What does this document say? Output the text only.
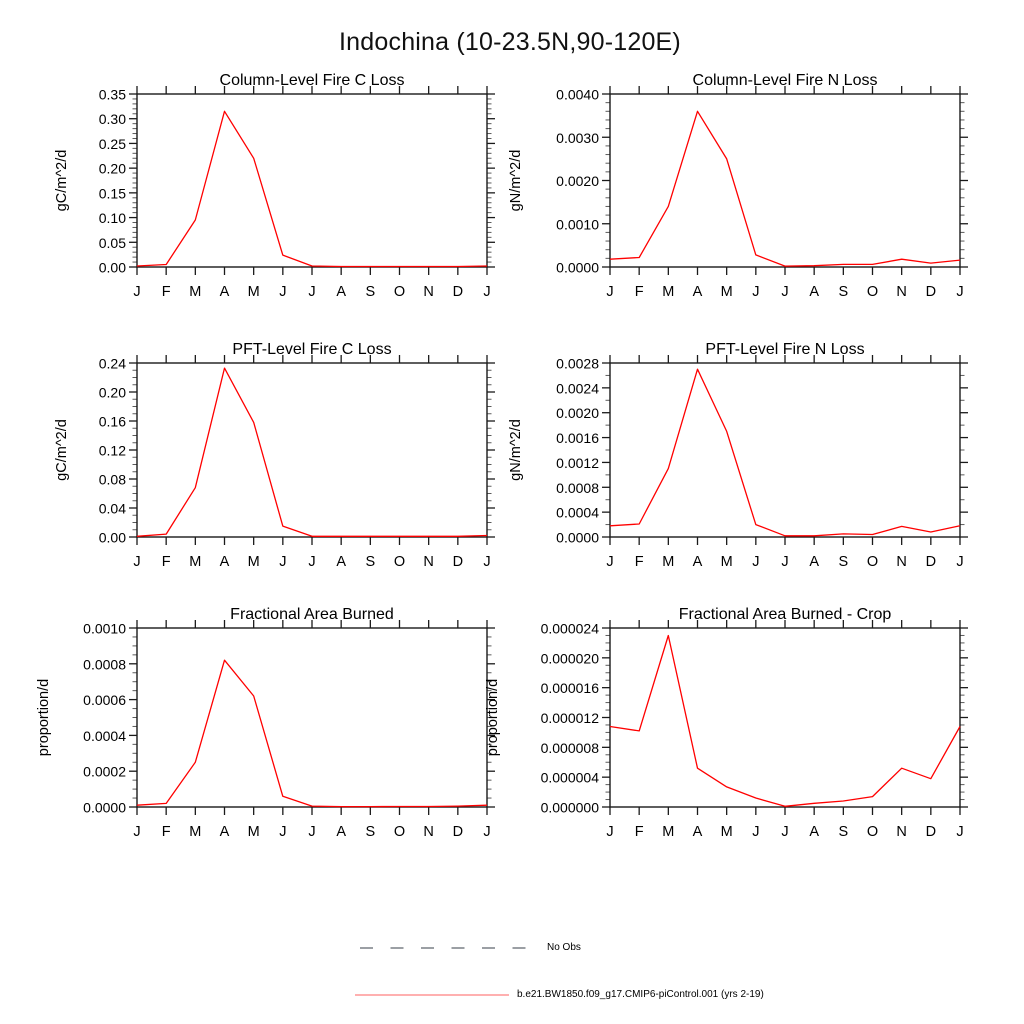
Indochina (10-23.5N,90-120E)
0.35
0.30
0.25
0.20
0.15
0.10
0.05
0.00
J F M A M J J A S O N D J
Column-Level Fire C Loss
gC/m^2/d
0.0040
0.0030
0.0020
0.0010
0.0000
J F M A M J J A S O N D J
Column-Level Fire N Loss
gN/m^2/d
0.24
0.20
0.16
0.12
0.08
0.04
0.00
J F M A M J J A S O N D J
PFT-Level Fire C Loss
gC/m^2/d
0.0028
0.0024
0.0020
0.0016
0.0012
0.0008
0.0004
0.0000
J F M A M J J A S O N D J
PFT-Level Fire N Loss
gN/m^2/d
0.0010
0.0008
0.0006
0.0004
0.0002
0.0000
J F M A M J J A S O N D J
Fractional Area Burned
proportion/d
0.000024
0.000020
0.000016
0.000012
0.000008
0.000004
0.000000
J F M A M J J A S O N D J
Fractional Area Burned - Crop
proportion/d
No Obs
b.e21.BW1850.f09_g17.CMIP6-piControl.001 (yrs 2-19)
